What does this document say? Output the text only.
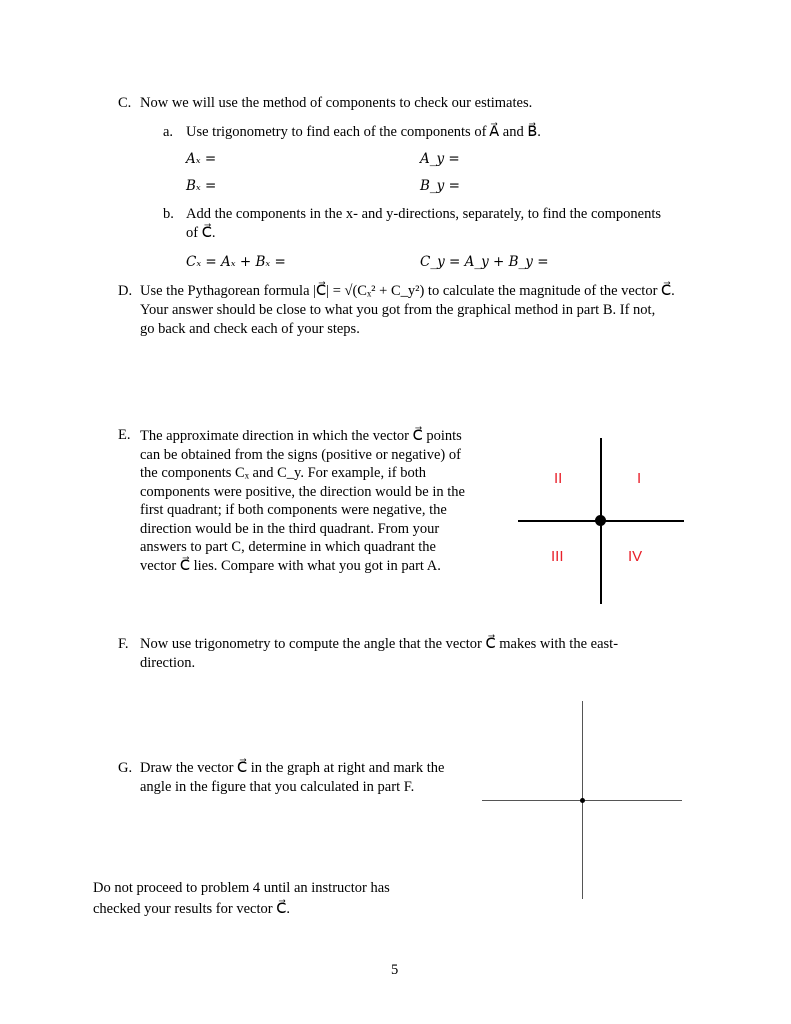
C. Now we will use the method of components to check our estimates.
a. Use trigonometry to find each of the components of A⃗ and B⃗.
Aₓ =	A_y =
Bₓ =	B_y =
b. Add the components in the x- and y-directions, separately, to find the components
of C⃗.
Cₓ = Aₓ + Bₓ =	C_y = A_y + B_y =
D. Use the Pythagorean formula |C⃗| = √(Cₓ² + C_y²) to calculate the magnitude of the vector C⃗.
Your answer should be close to what you got from the graphical method in part B. If not,
go back and check each of your steps.
E. The approximate direction in which the vector C⃗ points
can be obtained from the signs (positive or negative) of
the components Cₓ and C_y. For example, if both
components were positive, the direction would be in the
first quadrant; if both components were negative, the
direction would be in the third quadrant. From your
answers to part C, determine in which quadrant the
vector C⃗ lies. Compare with what you got in part A.
II	I
III	IV
F. Now use trigonometry to compute the angle that the vector C⃗ makes with the east-
direction.
G. Draw the vector C⃗ in the graph at right and mark the
angle in the figure that you calculated in part F.
Do not proceed to problem 4 until an instructor has
checked your results for vector C⃗.
5
